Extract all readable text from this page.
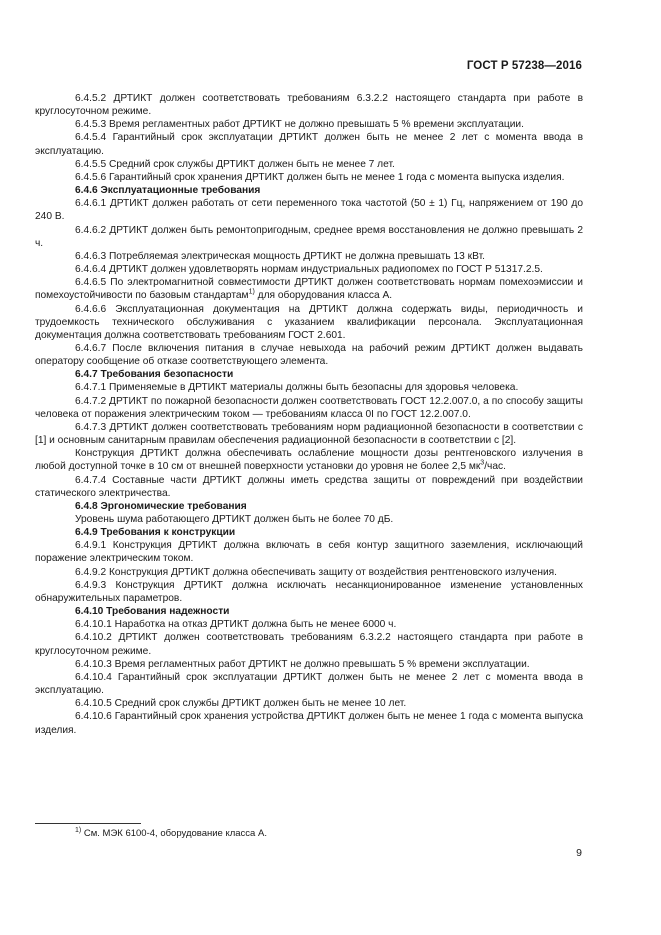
ГОСТ Р 57238—2016

6.4.5.2 ДРТИКТ должен соответствовать требованиям 6.3.2.2 настоящего стандарта при работе в круглосуточном режиме.

6.4.5.3 Время регламентных работ ДРТИКТ не должно превышать 5 % времени эксплуатации.

6.4.5.4 Гарантийный срок эксплуатации ДРТИКТ должен быть не менее 2 лет с момента ввода в эксплуатацию.

6.4.5.5 Средний срок службы ДРТИКТ должен быть не менее 7 лет.

6.4.5.6 Гарантийный срок хранения ДРТИКТ должен быть не менее 1 года с момента выпуска изделия.

6.4.6 Эксплуатационные требования

6.4.6.1 ДРТИКТ должен работать от сети переменного тока частотой (50 ± 1) Гц, напряжением от 190 до 240 В.

6.4.6.2 ДРТИКТ должен быть ремонтопригодным, среднее время восстановления не должно превышать 2 ч.

6.4.6.3 Потребляемая электрическая мощность ДРТИКТ не должна превышать 13 кВт.

6.4.6.4 ДРТИКТ должен удовлетворять нормам индустриальных радиопомех по ГОСТ Р 51317.2.5.

6.4.6.5 По электромагнитной совместимости ДРТИКТ должен соответствовать нормам помехоэмиссии и помехоустойчивости по базовым стандартам$^{1)}$ для оборудования класса А.

6.4.6.6 Эксплуатационная документация на ДРТИКТ должна содержать виды, периодичность и трудоемкость технического обслуживания с указанием квалификации персонала. Эксплуатационная документация должна соответствовать требованиям ГОСТ 2.601.

6.4.6.7 После включения питания в случае невыхода на рабочий режим ДРТИКТ должен выдавать оператору сообщение об отказе соответствующего элемента.

6.4.7 Требования безопасности

6.4.7.1 Применяемые в ДРТИКТ материалы должны быть безопасны для здоровья человека.

6.4.7.2 ДРТИКТ по пожарной безопасности должен соответствовать ГОСТ 12.2.007.0, а по способу защиты человека от поражения электрическим током — требованиям класса 0I по ГОСТ 12.2.007.0.

6.4.7.3 ДРТИКТ должен соответствовать требованиям норм радиационной безопасности в соответствии с [1] и основным санитарным правилам обеспечения радиационной безопасности в соответствии с [2].

Конструкция ДРТИКТ должна обеспечивать ослабление мощности дозы рентгеновского излучения в любой доступной точке в 10 см от внешней поверхности установки до уровня не более 2,5 $мк^3$/час.

6.4.7.4 Составные части ДРТИКТ должны иметь средства защиты от повреждений при воздействии статического электричества.

6.4.8 Эргономические требования

Уровень шума работающего ДРТИКТ должен быть не более 70 дБ.

6.4.9 Требования к конструкции

6.4.9.1 Конструкция ДРТИКТ должна включать в себя контур защитного заземления, исключающий поражение электрическим током.

6.4.9.2 Конструкция ДРТИКТ должна обеспечивать защиту от воздействия рентгеновского излучения.

6.4.9.3 Конструкция ДРТИКТ должна исключать несанкционированное изменение установленных обнаружительных параметров.

6.4.10 Требования надежности

6.4.10.1 Наработка на отказ ДРТИКТ должна быть не менее 6000 ч.

6.4.10.2 ДРТИКТ должен соответствовать требованиям 6.3.2.2 настоящего стандарта при работе в круглосуточном режиме.

6.4.10.3 Время регламентных работ ДРТИКТ не должно превышать 5 % времени эксплуатации.

6.4.10.4 Гарантийный срок эксплуатации ДРТИКТ должен быть не менее 2 лет с момента ввода в эксплуатацию.

6.4.10.5 Средний срок службы ДРТИКТ должен быть не менее 10 лет.

6.4.10.6 Гарантийный срок хранения устройства ДРТИКТ должен быть не менее 1 года с момента выпуска изделия.

$^{1)}$ См. МЭК 6100-4, оборудование класса А.
9
